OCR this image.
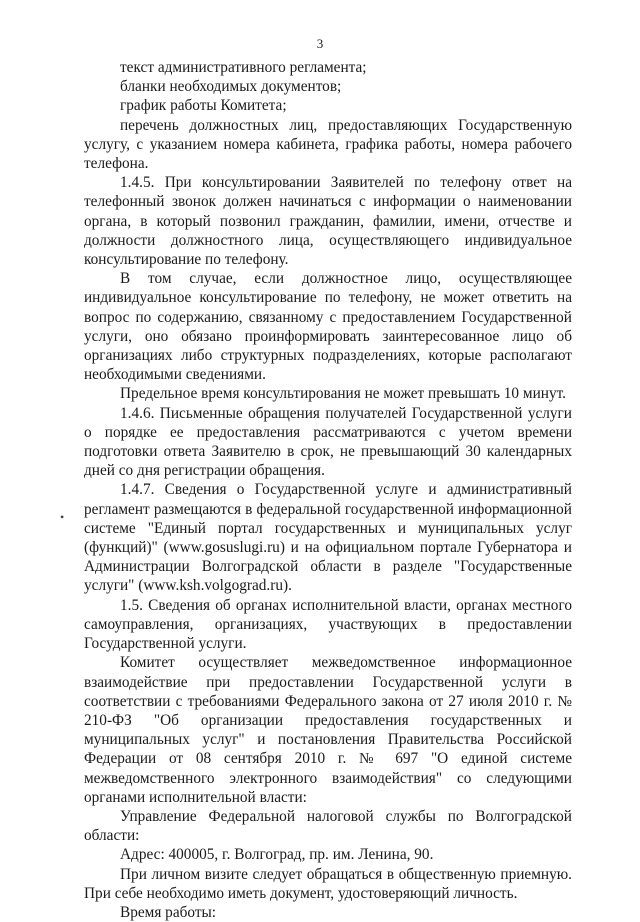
3
•

текст административного регламента;

бланки необходимых документов;

график работы Комитета;

перечень должностных лиц, предоставляющих Государственную услугу, с указанием номера кабинета, графика работы, номера рабочего телефона.

1.4.5. При консультировании Заявителей по телефону ответ на телефонный звонок должен начинаться с информации о наименовании органа, в который позвонил гражданин, фамилии, имени, отчестве и должности должностного лица, осуществляющего индивидуальное консультирование по телефону.

В том случае, если должностное лицо, осуществляющее индивидуальное консультирование по телефону, не может ответить на вопрос по содержанию, связанному с предоставлением Государственной услуги, оно обязано проинформировать заинтересованное лицо об организациях либо структурных подразделениях, которые располагают необходимыми сведениями.

Предельное время консультирования не может превышать 10 минут.

1.4.6. Письменные обращения получателей Государственной услуги о порядке ее предоставления рассматриваются с учетом времени подготовки ответа Заявителю в срок, не превышающий 30 календарных дней со дня регистрации обращения.

1.4.7. Сведения о Государственной услуге и административный регламент размещаются в федеральной государственной информационной системе "Единый портал государственных и муниципальных услуг (функций)" (www.gosuslugi.ru) и на официальном портале Губернатора и Администрации Волгоградской области в разделе "Государственные услуги" (www.ksh.volgograd.ru).

1.5. Сведения об органах исполнительной власти, органах местного самоуправления, организациях, участвующих в предоставлении Государственной услуги.

Комитет осуществляет межведомственное информационное взаимодействие при предоставлении Государственной услуги в соответствии с требованиями Федерального закона от 27 июля 2010 г. № 210-ФЗ "Об организации предоставления государственных и муниципальных услуг" и постановления Правительства Российской Федерации от 08 сентября 2010 г. № 697 "О единой системе межведомственного электронного взаимодействия" со следующими органами исполнительной власти:

Управление Федеральной налоговой службы по Волгоградской области:

Адрес: 400005, г. Волгоград, пр. им. Ленина, 90.

При личном визите следует обращаться в общественную приемную. При себе необходимо иметь документ, удостоверяющий личность.

Время работы:
